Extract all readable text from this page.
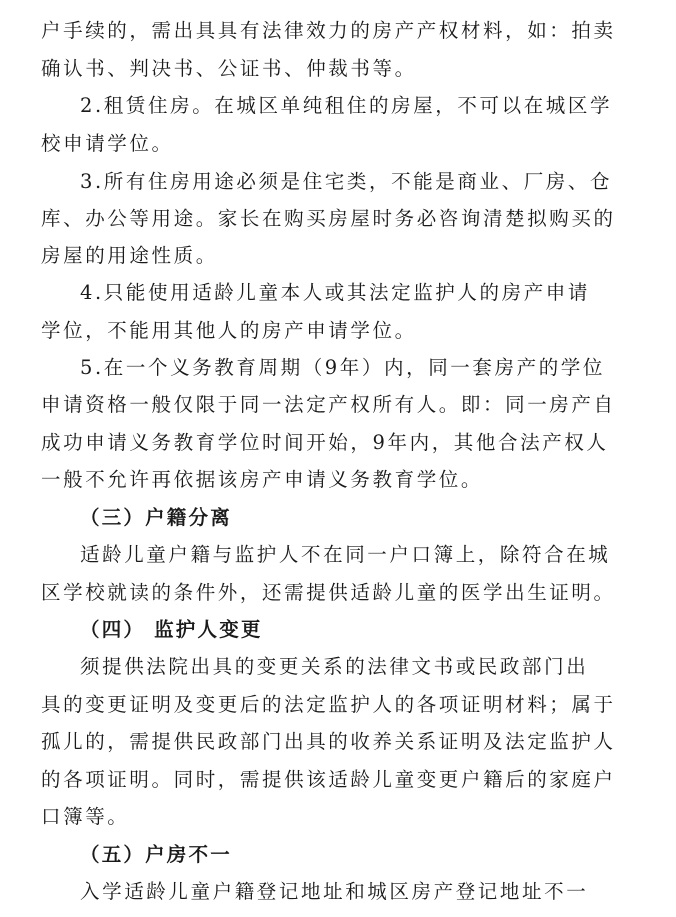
户手续的，需出具具有法律效力的房产产权材料，如：拍卖
确认书、判决书、公证书、仲裁书等。
2.租赁住房。在城区单纯租住的房屋，不可以在城区学
校申请学位。
3.所有住房用途必须是住宅类，不能是商业、厂房、仓
库、办公等用途。家长在购买房屋时务必咨询清楚拟购买的
房屋的用途性质。
4.只能使用适龄儿童本人或其法定监护人的房产申请
学位，不能用其他人的房产申请学位。
5.在一个义务教育周期（9年）内，同一套房产的学位
申请资格一般仅限于同一法定产权所有人。即：同一房产自
成功申请义务教育学位时间开始，9年内，其他合法产权人
一般不允许再依据该房产申请义务教育学位。
（三）户籍分离
适龄儿童户籍与监护人不在同一户口簿上，除符合在城
区学校就读的条件外，还需提供适龄儿童的医学出生证明。
（四） 监护人变更
须提供法院出具的变更关系的法律文书或民政部门出
具的变更证明及变更后的法定监护人的各项证明材料；属于
孤儿的，需提供民政部门出具的收养关系证明及法定监护人
的各项证明。同时，需提供该适龄儿童变更户籍后的家庭户
口簿等。
（五）户房不一
入学适龄儿童户籍登记地址和城区房产登记地址不一
